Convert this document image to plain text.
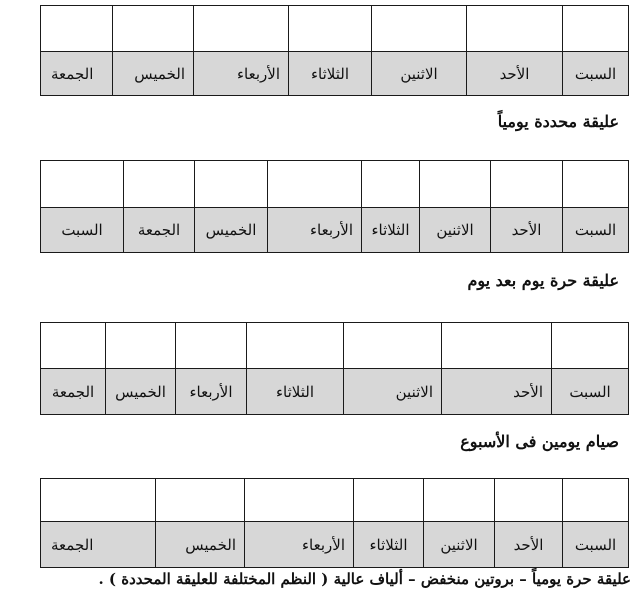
السبت	الأحد	الاثنين	الثلاثاء	الأربعاء	الخميس	الجمعة
عليقة محددة يومياً

السبت	الأحد	الاثنين	الثلاثاء	الأربعاء	الخميس	الجمعة	السبت
عليقة حرة يوم بعد يوم

السبت	الأحد	الاثنين	الثلاثاء	الأربعاء	الخميس	الجمعة
صيام يومين فى الأسبوع

السبت	الأحد	الاثنين	الثلاثاء	الأربعاء	الخميس	الجمعة
عليقة حرة يومياً – بروتين منخفض – ألياف عالية ( النظم المختلفة للعليقة المحددة ) .
